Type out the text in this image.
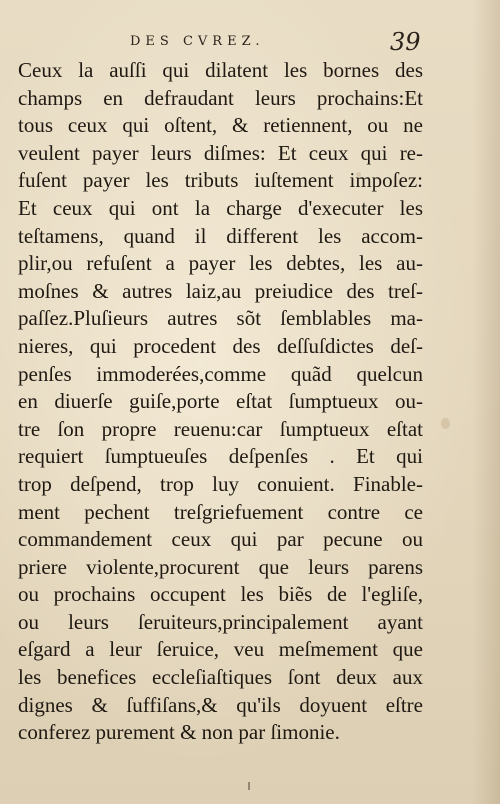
DES CVREZ.	39
Ceux la auſſi qui dilatent les bornes des
champs en defraudant leurs prochains:Et
tous ceux qui oſtent, & retiennent, ou ne
veulent payer leurs diſmes: Et ceux qui re-
fuſent payer les tributs iuſtement impoſez:
Et ceux qui ont la charge d'executer les
teſtamens, quand il different les accom-
plir,ou refuſent a payer les debtes, les au-
moſnes & autres laiz,au preiudice des treſ-
paſſez.Pluſieurs autres sõt ſemblables ma-
nieres, qui procedent des deſſuſdictes deſ-
penſes immoderées,comme quãd quelcun
en diuerſe guiſe,porte eſtat ſumptueux ou-
tre ſon propre reuenu:car ſumptueux eſtat
requiert ſumptueuſes deſpenſes . Et qui
trop deſpend, trop luy conuient. Finable-
ment pechent treſgriefuement contre ce
commandement ceux qui par pecune ou
priere violente,procurent que leurs parens
ou prochains occupent les biẽs de l'egliſe,
ou leurs ſeruiteurs,principalement ayant
eſgard a leur ſeruice, veu meſmement que
les benefices eccleſiaſtiques ſont deux aux
dignes & ſuffiſans,& qu'ils doyuent eſtre
conferez purement & non par ſimonie.
